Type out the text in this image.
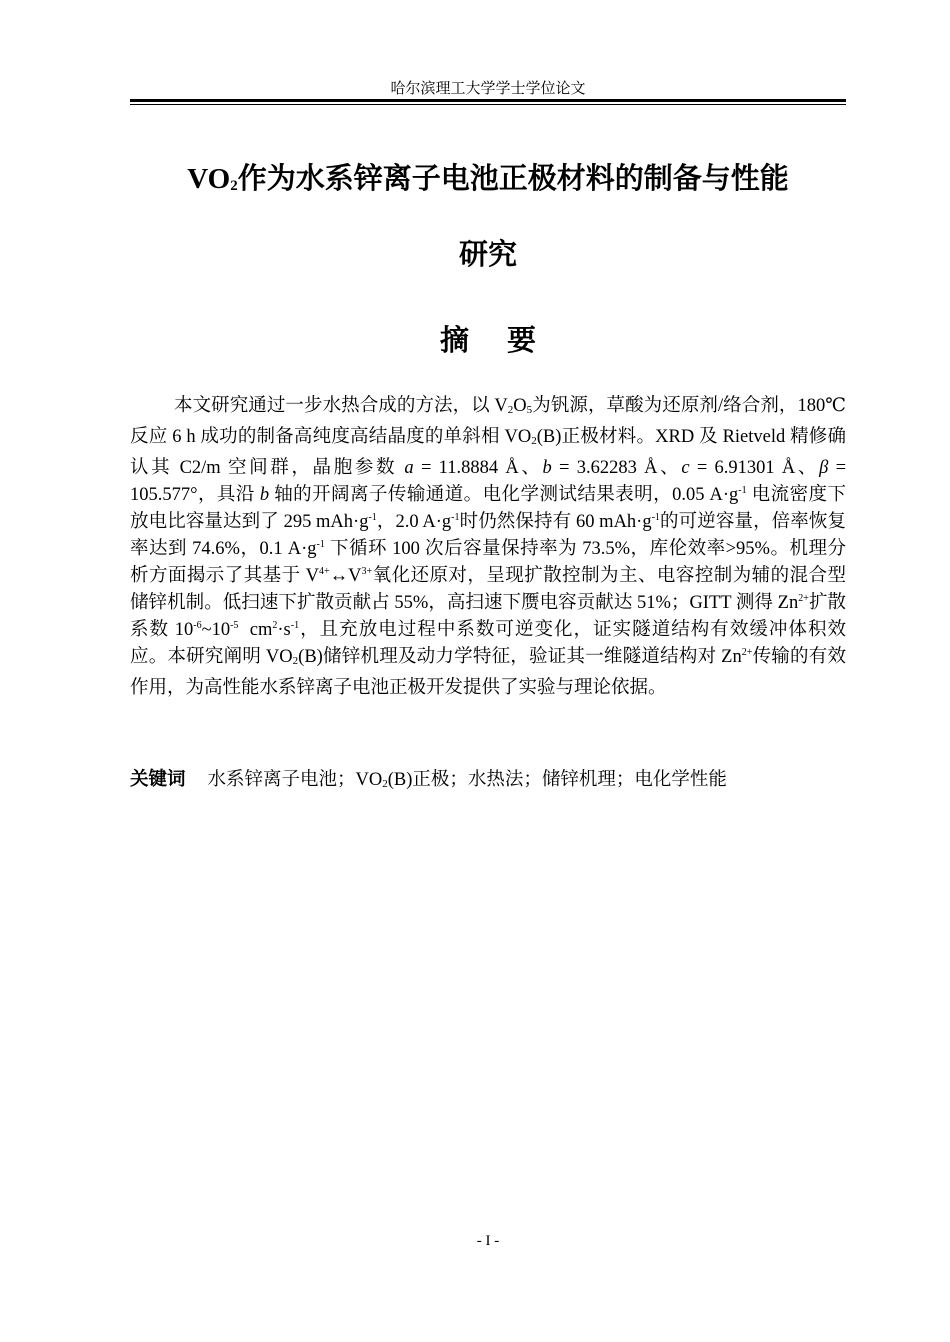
哈尔滨理工大学学士学位论文
$VO_2$作为水系锌离子电池正极材料的制备与性能
研究
摘要

本文研究通过一步水热合成的方法，以 $V_2O_5$为钒源，草酸为还原剂/络合剂，180℃反应 6 h 成功的制备高纯度高结晶度的单斜相 $VO_2(B)$正极材料。XRD 及 Rietveld 精修确认其 C2/m 空间群，晶胞参数 a = 11.8884 Å、b = 3.62283 Å、c = 6.91301 Å、β = 105.577°，具沿 b 轴的开阔离子传输通道。电化学测试结果表明，0.05 $A\cdot g^{-1}$ 电流密度下放电比容量达到了 295 $mAh\cdot g^{-1}$，2.0 $A\cdot g^{-1}$时仍然保持有 60 $mAh\cdot g^{-1}$的可逆容量，倍率恢复率达到 74.6%，0.1 $A\cdot g^{-1}$ 下循环 100 次后容量保持率为 73.5%，库伦效率>95%。机理分析方面揭示了其基于 $V^{4+}\leftrightarrow V^{3+}$氧化还原对，呈现扩散控制为主、电容控制为辅的混合型储锌机制。低扫速下扩散贡献占 55%，高扫速下赝电容贡献达 51%；GITT 测得 $Zn^{2+}$扩散系数 $10^{-6}\sim 10^{-5}$  $cm^2\cdot s^{-1}$，且充放电过程中系数可逆变化，证实隧道结构有效缓冲体积效应。本研究阐明 $VO_2(B)$储锌机理及动力学特征，验证其一维隧道结构对 $Zn^{2+}$传输的有效作用，为高性能水系锌离子电池正极开发提供了实验与理论依据。

关键词 水系锌离子电池；$VO_2(B)$正极；水热法；储锌机理；电化学性能

- I -
